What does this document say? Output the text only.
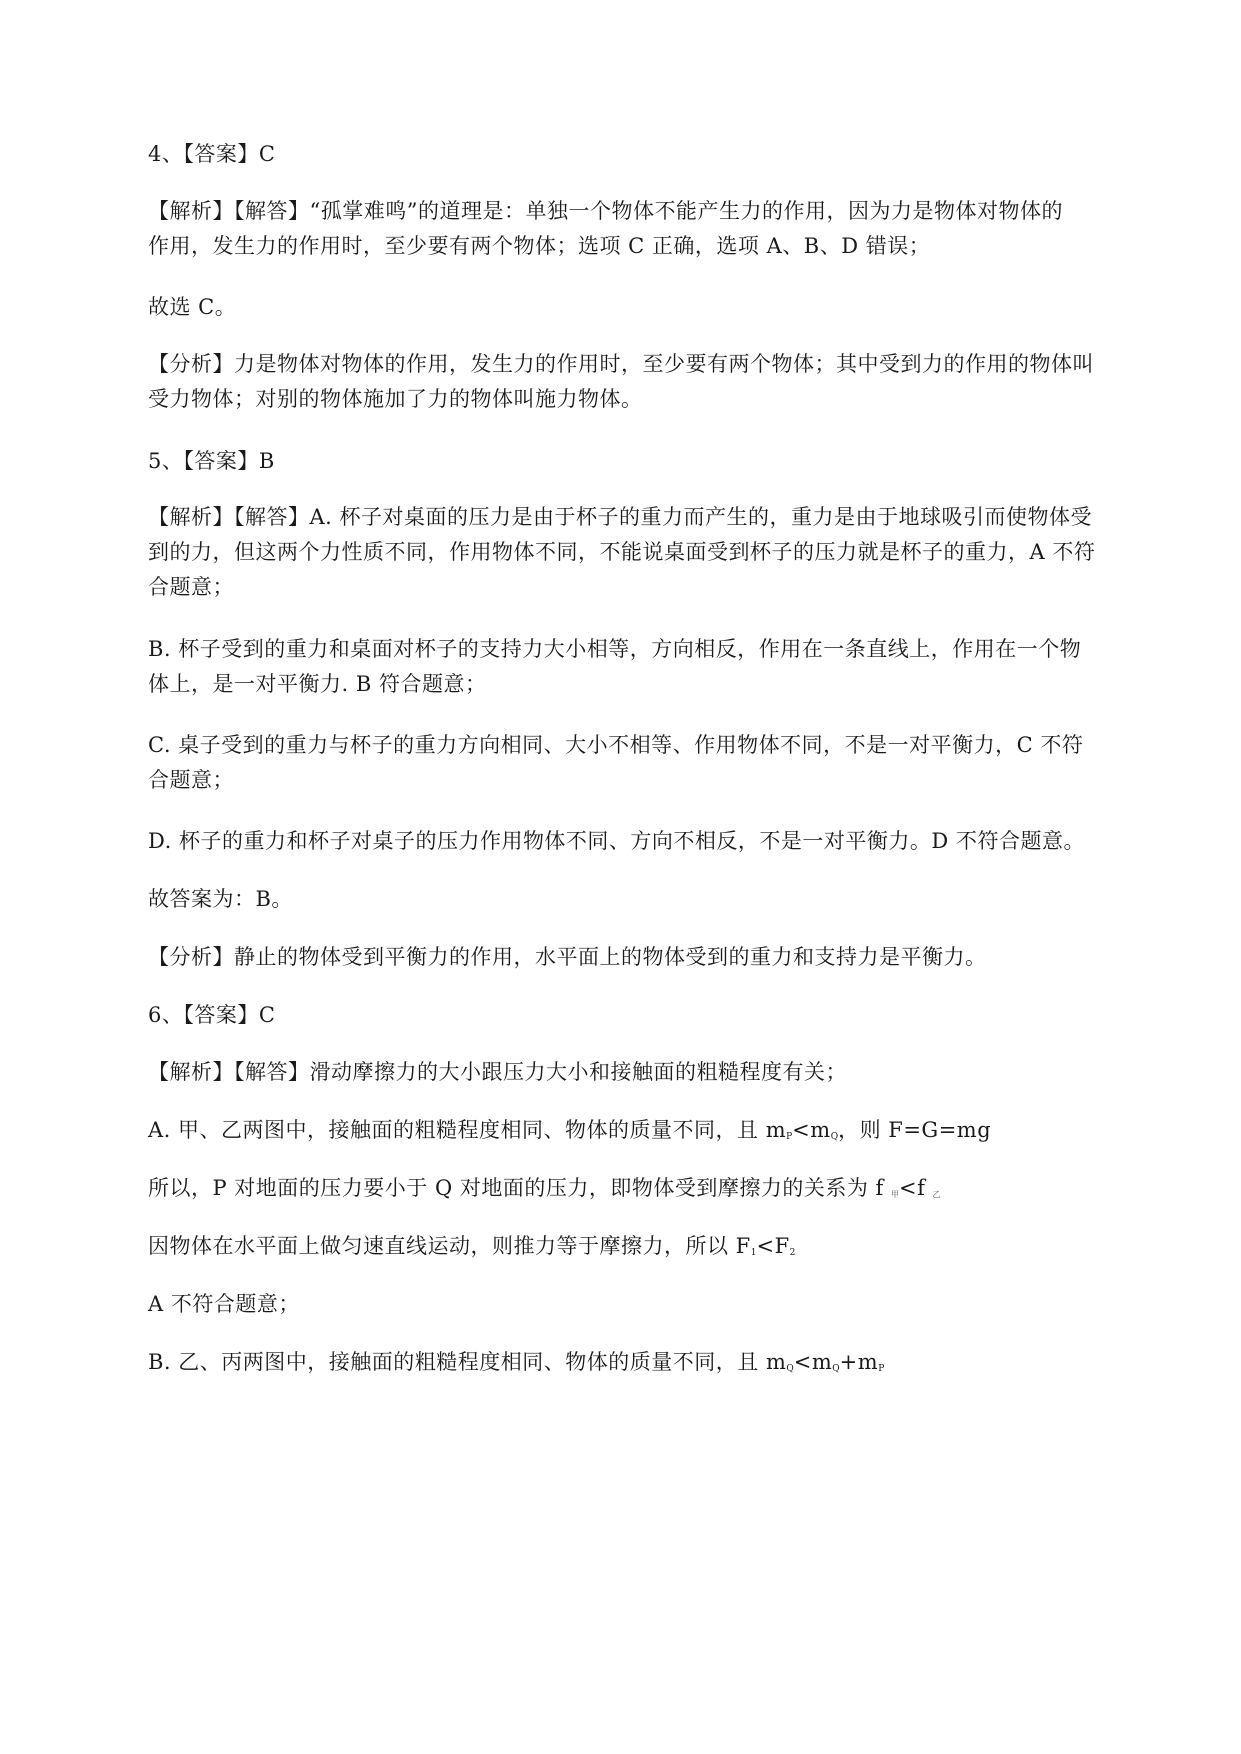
4、【答案】C
【解析】【解答】“孤掌难鸣”的道理是：单独一个物体不能产生力的作用，因为力是物体对物体的
作用，发生力的作用时，至少要有两个物体；选项 C 正确，选项 A、B、D 错误；
故选 C。
【分析】力是物体对物体的作用，发生力的作用时，至少要有两个物体；其中受到力的作用的物体叫
受力物体；对别的物体施加了力的物体叫施力物体。
5、【答案】B
【解析】【解答】A. 杯子对桌面的压力是由于杯子的重力而产生的，重力是由于地球吸引而使物体受
到的力，但这两个力性质不同，作用物体不同，不能说桌面受到杯子的压力就是杯子的重力，A 不符
合题意；
B. 杯子受到的重力和桌面对杯子的支持力大小相等，方向相反，作用在一条直线上，作用在一个物
体上，是一对平衡力. B 符合题意；
C. 桌子受到的重力与杯子的重力方向相同、大小不相等、作用物体不同，不是一对平衡力，C 不符
合题意；
D. 杯子的重力和杯子对桌子的压力作用物体不同、方向不相反，不是一对平衡力。D 不符合题意。
故答案为：B。
【分析】静止的物体受到平衡力的作用，水平面上的物体受到的重力和支持力是平衡力。
6、【答案】C
【解析】【解答】滑动摩擦力的大小跟压力大小和接触面的粗糙程度有关；
A. 甲、乙两图中，接触面的粗糙程度相同、物体的质量不同，且 $m_P<m_Q$，则 F=G=mg
所以，P 对地面的压力要小于 Q 对地面的压力，即物体受到摩擦力的关系为 f $_甲$<f $_乙$
因物体在水平面上做匀速直线运动，则推力等于摩擦力，所以 $F_1<F_2$
A 不符合题意；
B. 乙、丙两图中，接触面的粗糙程度相同、物体的质量不同，且 $m_Q<m_Q+m_P$
